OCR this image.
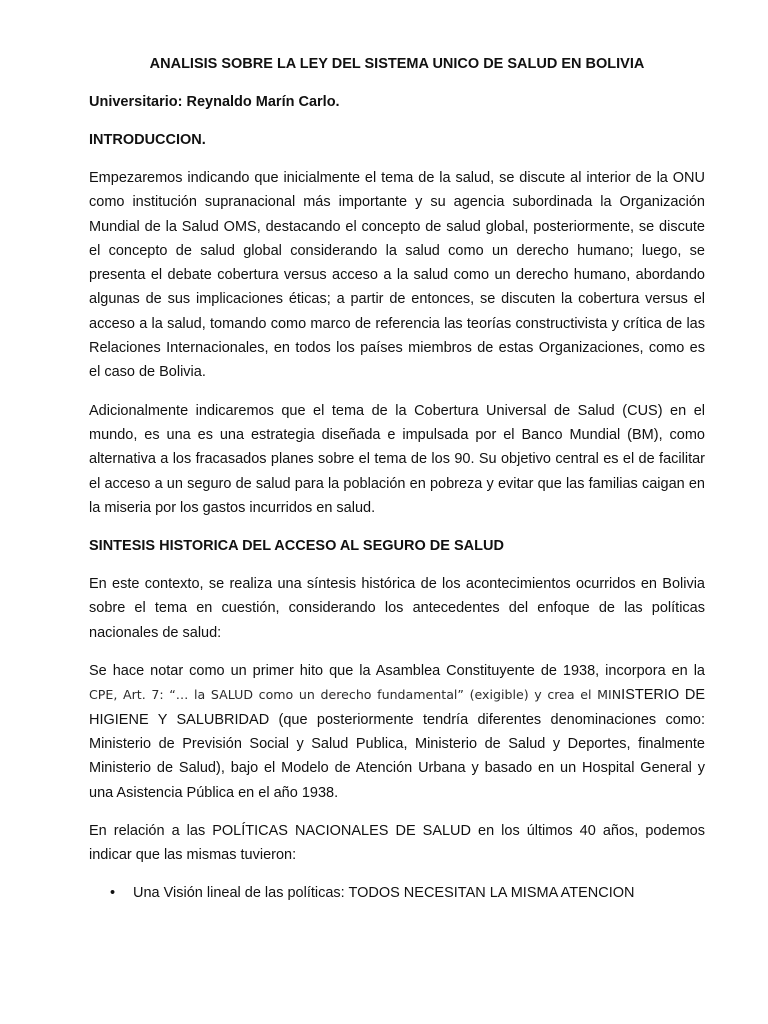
ANALISIS SOBRE LA LEY DEL SISTEMA UNICO DE SALUD EN BOLIVIA
Universitario: Reynaldo Marín Carlo.
INTRODUCCION.

Empezaremos indicando que inicialmente el tema de la salud, se discute al interior de la ONU como institución supranacional más importante y su agencia subordinada la Organización Mundial de la Salud OMS, destacando el concepto de salud global, posteriormente, se discute el concepto de salud global considerando la salud como un derecho humano; luego, se presenta el debate cobertura versus acceso a la salud como un derecho humano, abordando algunas de sus implicaciones éticas; a partir de entonces, se discuten la cobertura versus el acceso a la salud, tomando como marco de referencia las teorías constructivista y crítica de las Relaciones Internacionales, en todos los países miembros de estas Organizaciones, como es el caso de Bolivia.

Adicionalmente indicaremos que el tema de la Cobertura Universal de Salud (CUS) en el mundo, es una es una estrategia diseñada e impulsada por el Banco Mundial (BM), como alternativa a los fracasados planes sobre el tema de los 90. Su objetivo central es el de facilitar el acceso a un seguro de salud para la población en pobreza y evitar que las familias caigan en la miseria por los gastos incurridos en salud.

SINTESIS HISTORICA DEL ACCESO AL SEGURO DE SALUD

En este contexto, se realiza una síntesis histórica de los acontecimientos ocurridos en Bolivia sobre el tema en cuestión, considerando los antecedentes del enfoque de las políticas nacionales de salud:

Se hace notar como un primer hito que la Asamblea Constituyente de 1938, incorpora en la CPE, Art. 7: “… la SALUD como un derecho fundamental” (exigible) y crea el MINISTERIO DE HIGIENE Y SALUBRIDAD (que posteriormente tendría diferentes denominaciones como: Ministerio de Previsión Social y Salud Publica, Ministerio de Salud y Deportes, finalmente Ministerio de Salud), bajo el Modelo de Atención Urbana y basado en un Hospital General y una Asistencia Pública en el año 1938.

En relación a las POLÍTICAS NACIONALES DE SALUD en los últimos 40 años, podemos indicar que las mismas tuvieron:

• Una Visión lineal de las políticas: TODOS NECESITAN LA MISMA ATENCION
